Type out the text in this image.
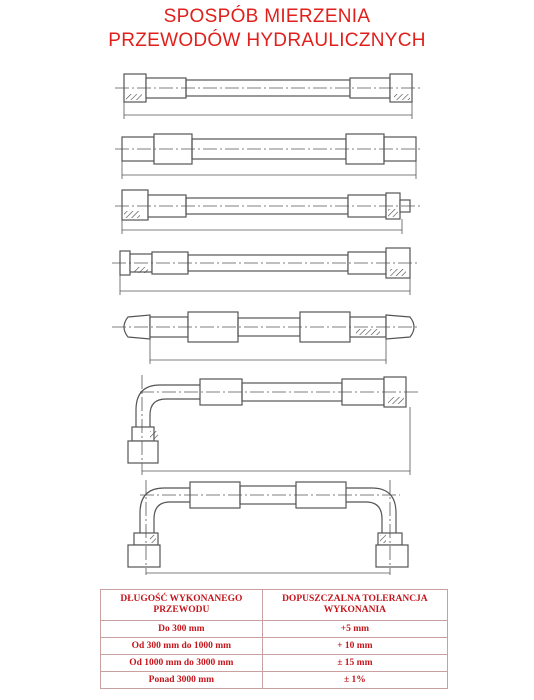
SPOSPÓB MIERZENIA
PRZEWODÓW HYDRAULICZNYCH
DŁUGOŚĆ WYKONANEGO PRZEWODU	DOPUSZCZALNA TOLERANCJA WYKONANIA
Do 300 mm	+5 mm
Od 300 mm do 1000 mm	+ 10 mm
Od 1000 mm do 3000 mm	± 15 mm
Ponad 3000 mm	± 1%
